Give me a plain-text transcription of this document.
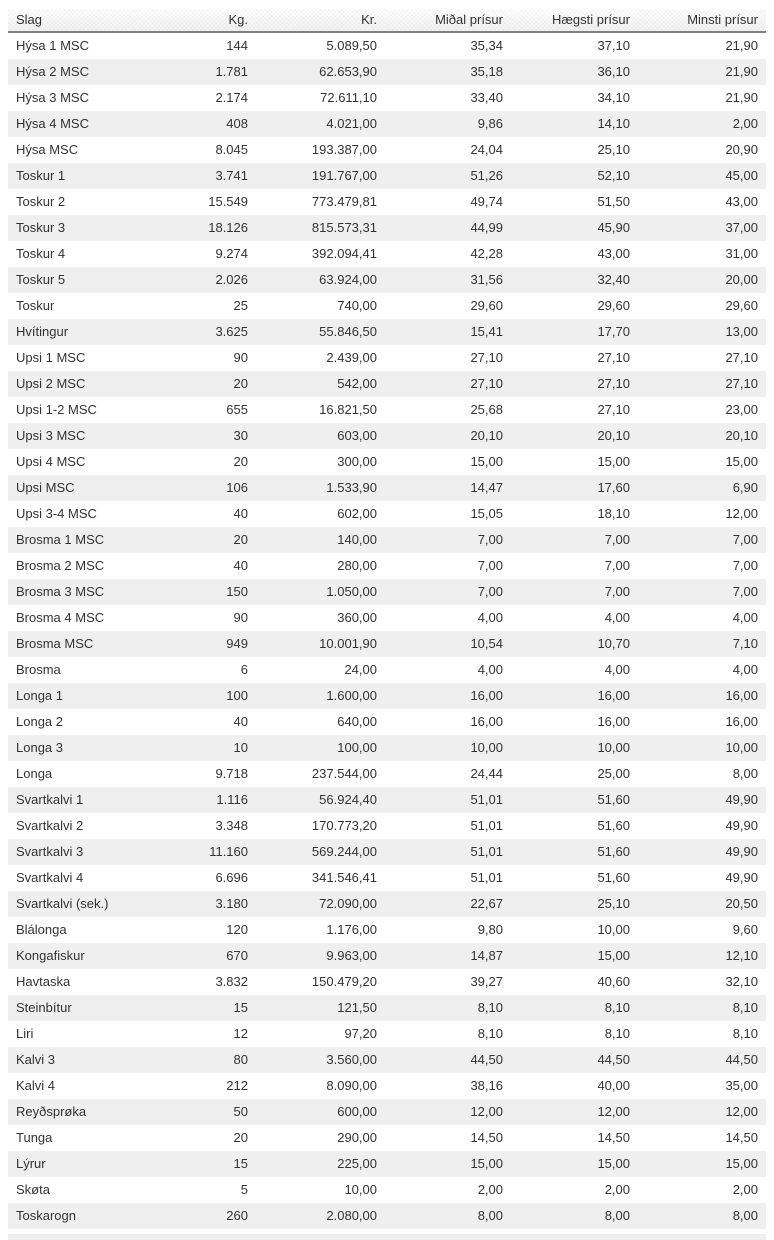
Slag	Kg.	Kr.	Miðal prísur	Hægsti prísur	Minsti prísur
Hýsa 1 MSC	144	5.089,50	35,34	37,10	21,90
Hýsa 2 MSC	1.781	62.653,90	35,18	36,10	21,90
Hýsa 3 MSC	2.174	72.611,10	33,40	34,10	21,90
Hýsa 4 MSC	408	4.021,00	9,86	14,10	2,00
Hýsa MSC	8.045	193.387,00	24,04	25,10	20,90
Toskur 1	3.741	191.767,00	51,26	52,10	45,00
Toskur 2	15.549	773.479,81	49,74	51,50	43,00
Toskur 3	18.126	815.573,31	44,99	45,90	37,00
Toskur 4	9.274	392.094,41	42,28	43,00	31,00
Toskur 5	2.026	63.924,00	31,56	32,40	20,00
Toskur	25	740,00	29,60	29,60	29,60
Hvítingur	3.625	55.846,50	15,41	17,70	13,00
Upsi 1 MSC	90	2.439,00	27,10	27,10	27,10
Upsi 2 MSC	20	542,00	27,10	27,10	27,10
Upsi 1-2 MSC	655	16.821,50	25,68	27,10	23,00
Upsi 3 MSC	30	603,00	20,10	20,10	20,10
Upsi 4 MSC	20	300,00	15,00	15,00	15,00
Upsi MSC	106	1.533,90	14,47	17,60	6,90
Upsi 3-4 MSC	40	602,00	15,05	18,10	12,00
Brosma 1 MSC	20	140,00	7,00	7,00	7,00
Brosma 2 MSC	40	280,00	7,00	7,00	7,00
Brosma 3 MSC	150	1.050,00	7,00	7,00	7,00
Brosma 4 MSC	90	360,00	4,00	4,00	4,00
Brosma MSC	949	10.001,90	10,54	10,70	7,10
Brosma	6	24,00	4,00	4,00	4,00
Longa 1	100	1.600,00	16,00	16,00	16,00
Longa 2	40	640,00	16,00	16,00	16,00
Longa 3	10	100,00	10,00	10,00	10,00
Longa	9.718	237.544,00	24,44	25,00	8,00
Svartkalvi 1	1.116	56.924,40	51,01	51,60	49,90
Svartkalvi 2	3.348	170.773,20	51,01	51,60	49,90
Svartkalvi 3	11.160	569.244,00	51,01	51,60	49,90
Svartkalvi 4	6.696	341.546,41	51,01	51,60	49,90
Svartkalvi (sek.)	3.180	72.090,00	22,67	25,10	20,50
Blálonga	120	1.176,00	9,80	10,00	9,60
Kongafiskur	670	9.963,00	14,87	15,00	12,10
Havtaska	3.832	150.479,20	39,27	40,60	32,10
Steinbítur	15	121,50	8,10	8,10	8,10
Liri	12	97,20	8,10	8,10	8,10
Kalvi 3	80	3.560,00	44,50	44,50	44,50
Kalvi 4	212	8.090,00	38,16	40,00	35,00
Reyðsprøka	50	600,00	12,00	12,00	12,00
Tunga	20	290,00	14,50	14,50	14,50
Lýrur	15	225,00	15,00	15,00	15,00
Skøta	5	10,00	2,00	2,00	2,00
Toskarogn	260	2.080,00	8,00	8,00	8,00
